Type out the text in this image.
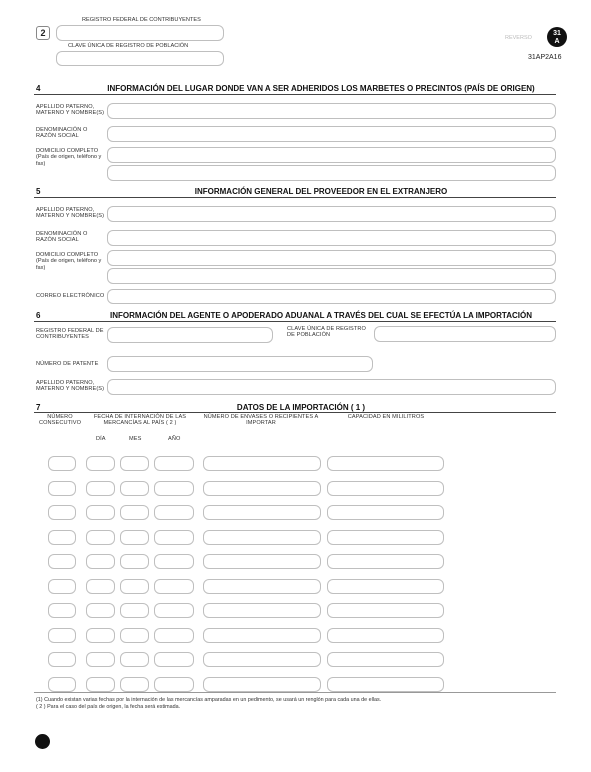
2
REGISTRO FEDERAL DE CONTRIBUYENTES
CLAVE ÚNICA DE REGISTRO DE POBLACIÓN
REVERSO
31
A
31AP2A16
4	INFORMACIÓN DEL LUGAR DONDE VAN A SER ADHERIDOS LOS MARBETES O PRECINTOS (PAÍS DE ORIGEN)
APELLIDO PATERNO, MATERNO Y NOMBRE(S)
DENOMINACIÓN O RAZÓN SOCIAL
DOMICILIO COMPLETO (País de origen, teléfono y fax)
5	INFORMACIÓN GENERAL DEL PROVEEDOR EN EL EXTRANJERO
APELLIDO PATERNO, MATERNO Y NOMBRE(S)
DENOMINACIÓN O RAZÓN SOCIAL
DOMICILIO COMPLETO (País de origen, teléfono y fax)
CORREO ELECTRÓNICO
6	INFORMACIÓN DEL AGENTE O APODERADO ADUANAL A TRAVÉS DEL CUAL SE EFECTÚA LA IMPORTACIÓN
REGISTRO FEDERAL DE CONTRIBUYENTES
CLAVE ÚNICA DE REGISTRO DE POBLACIÓN
NÚMERO DE PATENTE
APELLIDO PATERNO, MATERNO Y NOMBRE(S)
7	DATOS DE LA IMPORTACIÓN ( 1 )
NÚMERO CONSECUTIVO
FECHA DE INTERNACIÓN DE LAS MERCANCÍAS AL PAÍS ( 2 )
NÚMERO DE ENVASES O RECIPIENTES A IMPORTAR
CAPACIDAD EN MILILITROS
DÍA	MES	AÑO
(1) Cuando existan varias fechas por la internación de las mercancías amparadas en un pedimento, se usará un renglón para cada una de ellas.
( 2 ) Para el caso del país de origen, la fecha será estimada.
